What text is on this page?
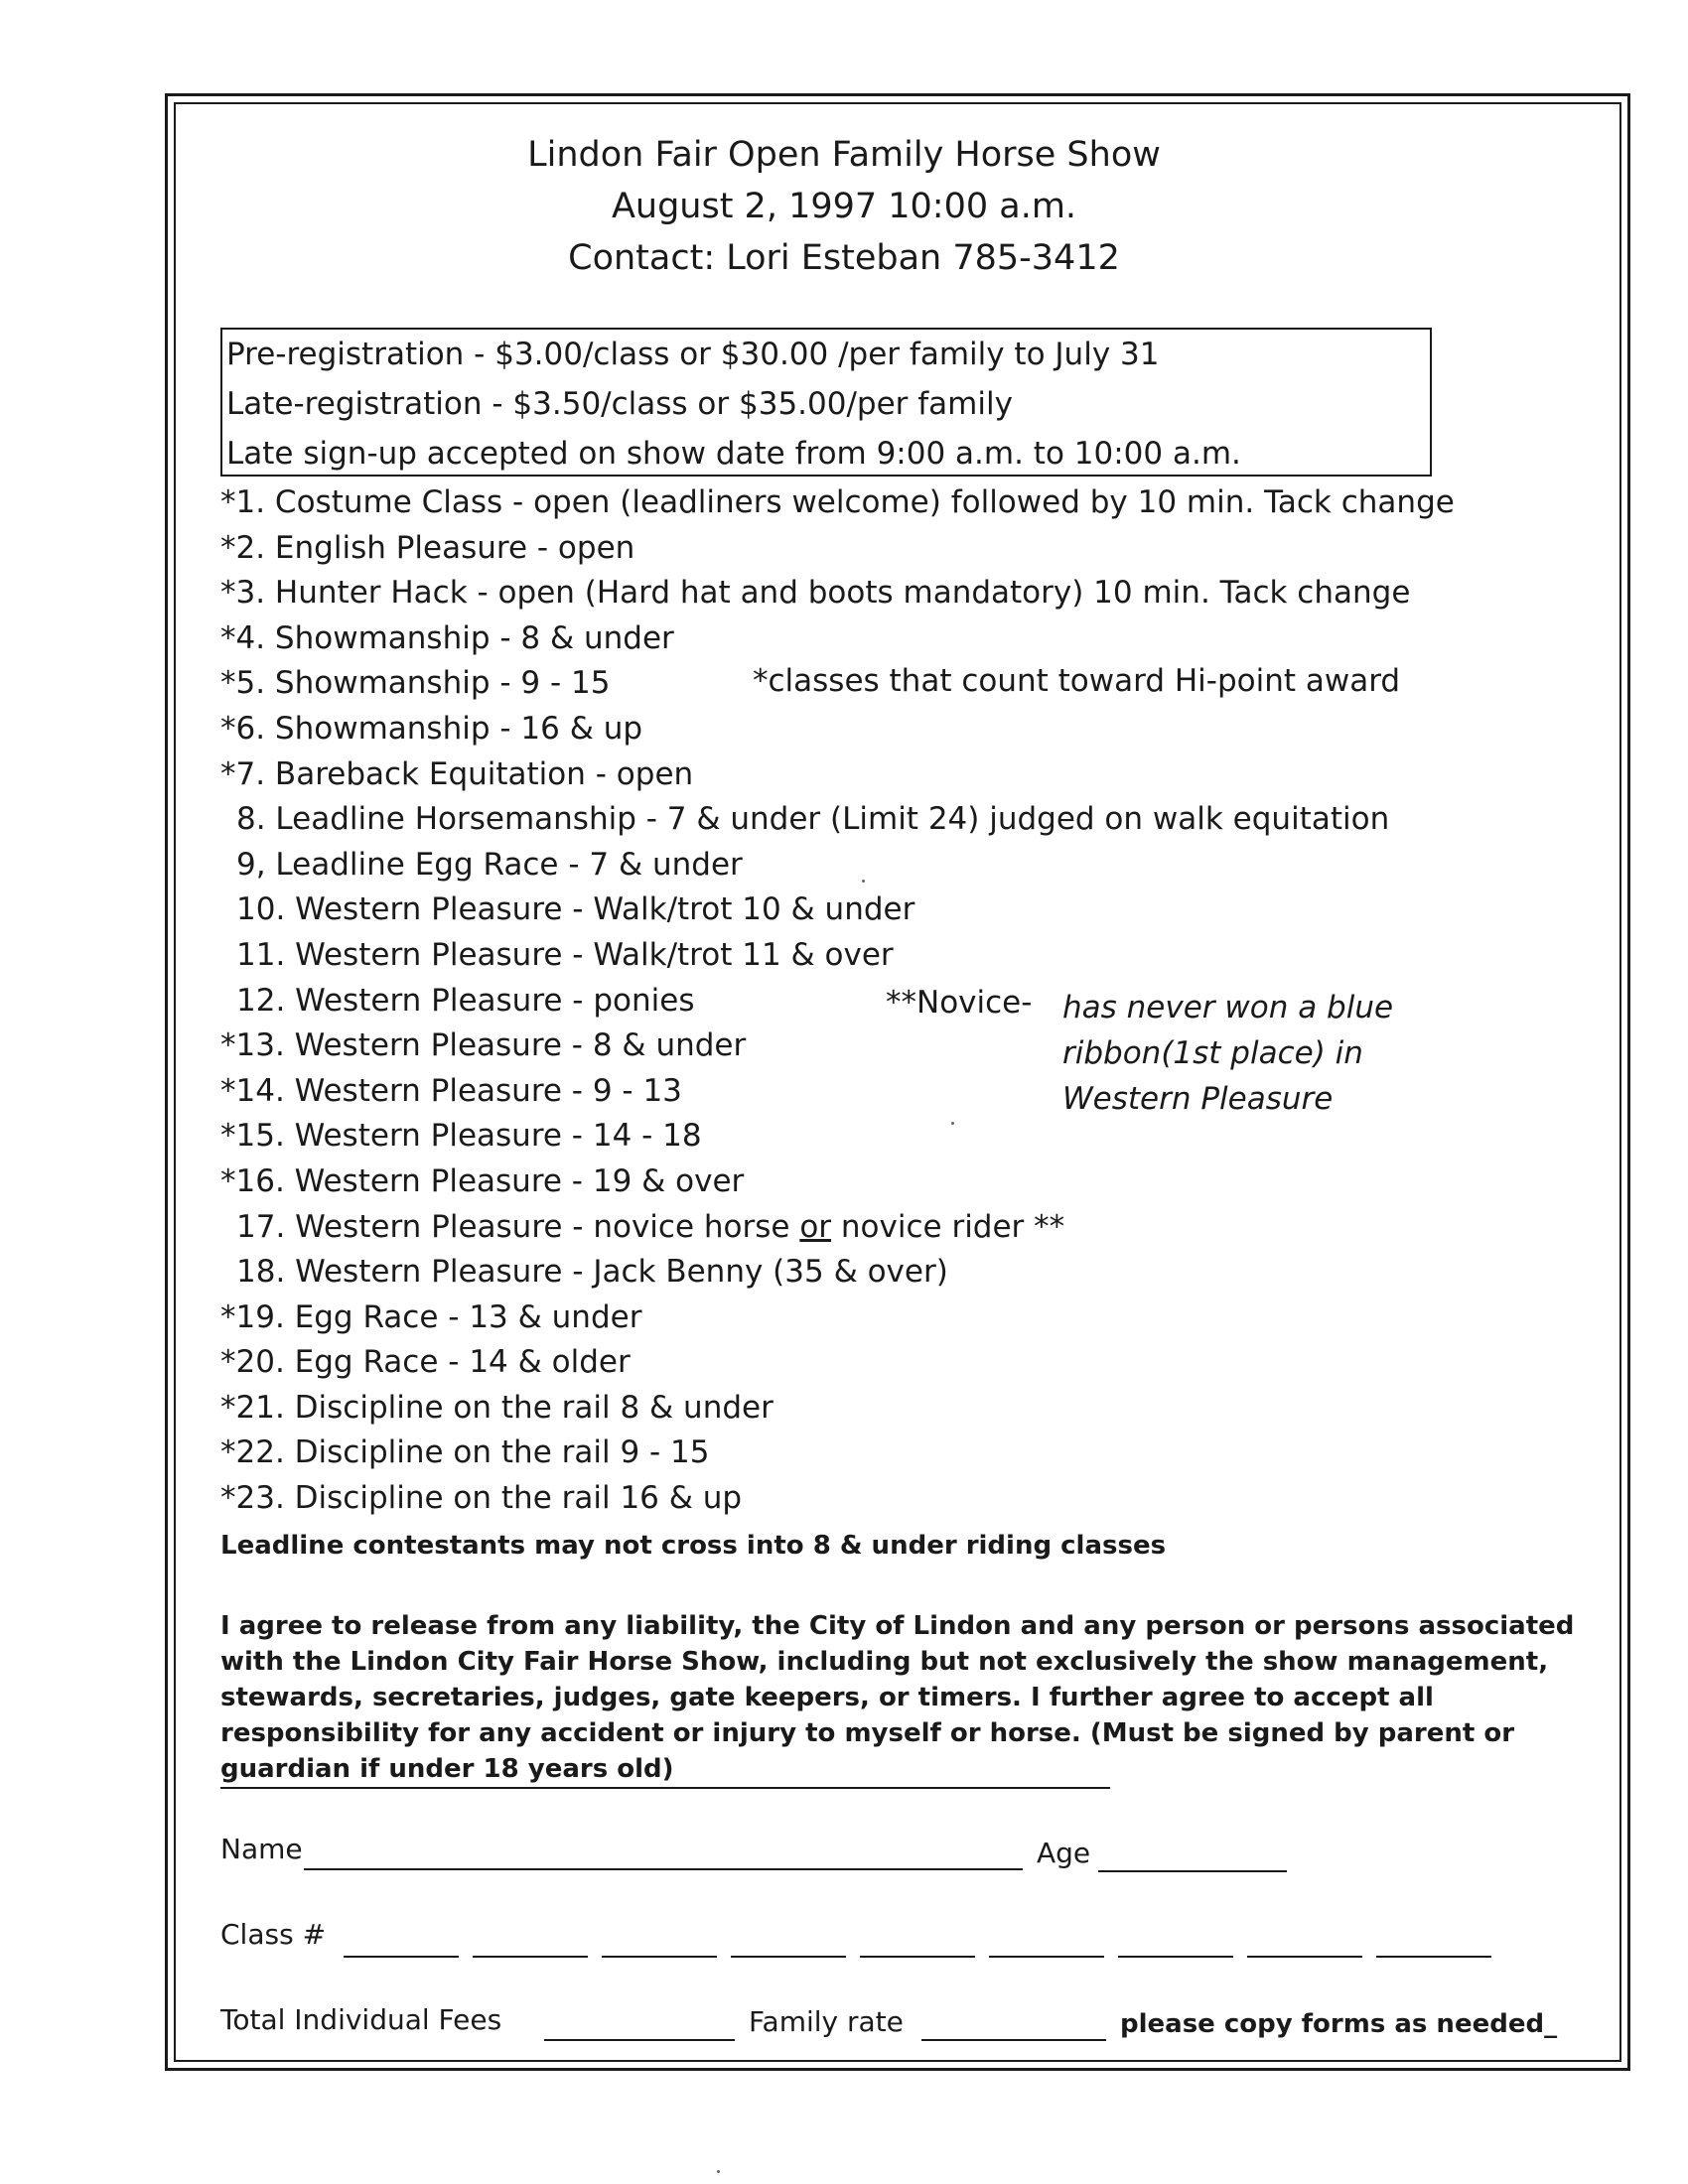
Lindon Fair Open Family Horse Show
August 2, 1997 10:00 a.m.
Contact: Lori Esteban 785-3412
Pre-registration - $3.00/class or $30.00 /per family to July 31
Late-registration - $3.50/class or $35.00/per family
Late sign-up accepted on show date from 9:00 a.m. to 10:00 a.m.
*1. Costume Class - open (leadliners welcome) followed by 10 min. Tack change
*2. English Pleasure - open
*3. Hunter Hack - open (Hard hat and boots mandatory) 10 min. Tack change
*4. Showmanship - 8 & under
*5. Showmanship - 9 - 15
*6. Showmanship - 16 & up
*7. Bareback Equitation - open
8. Leadline Horsemanship - 7 & under (Limit 24) judged on walk equitation
9, Leadline Egg Race - 7 & under
10. Western Pleasure - Walk/trot 10 & under
11. Western Pleasure - Walk/trot 11 & over
12. Western Pleasure - ponies
*13. Western Pleasure - 8 & under
*14. Western Pleasure - 9 - 13
*15. Western Pleasure - 14 - 18
*16. Western Pleasure - 19 & over
17. Western Pleasure - novice horse or novice rider **
18. Western Pleasure - Jack Benny (35 & over)
*19. Egg Race - 13 & under
*20. Egg Race - 14 & older
*21. Discipline on the rail 8 & under
*22. Discipline on the rail 9 - 15
*23. Discipline on the rail 16 & up
*classes that count toward Hi-point award
**Novice- has never won a blue ribbon(1st place) in Western Pleasure
Leadline contestants may not cross into 8 & under riding classes
I agree to release from any liability, the City of Lindon and any person or persons associated with the Lindon City Fair Horse Show, including but not exclusively the show management, stewards, secretaries, judges, gate keepers, or timers. I further agree to accept all responsibility for any accident or injury to myself or horse. (Must be signed by parent or guardian if under 18 years old)
Name	Age
Class #
Total Individual Fees	Family rate	please copy forms as needed_
